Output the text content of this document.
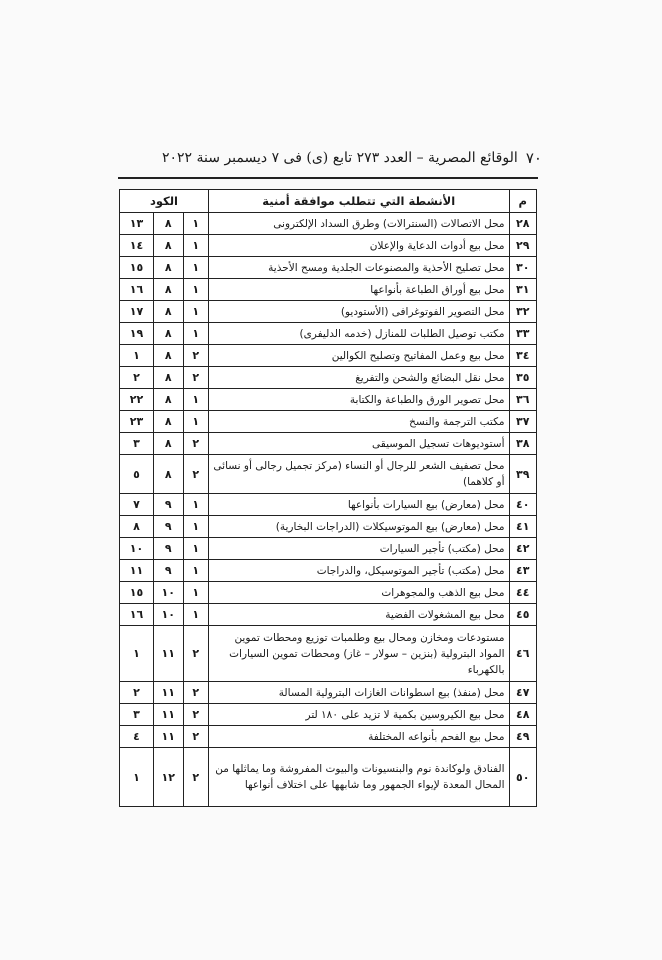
٧٠
الوقائع المصرية – العدد ٢٧٣ تابع (ى) فى ٧ ديسمبر سنة ٢٠٢٢
م	الأنشطة التي تتطلب موافقة أمنية	الكود		
٢٨	محل الاتصالات (السنترالات) وطرق السداد الإلكترونى	١	٨	١٣
٢٩	محل بيع أدوات الدعاية والإعلان	١	٨	١٤
٣٠	محل تصليح الأحذية والمصنوعات الجلدية ومسح الأحذية	١	٨	١٥
٣١	محل بيع أوراق الطباعة بأنواعها	١	٨	١٦
٣٢	محل التصوير الفوتوغرافى (الأستوديو)	١	٨	١٧
٣٣	مكتب توصيل الطلبات للمنازل (خدمه الدليفرى)	١	٨	١٩
٣٤	محل بيع وعمل المفاتيح وتصليح الكوالين	٢	٨	١
٣٥	محل نقل البضائع والشحن والتفريغ	٢	٨	٢
٣٦	محل تصوير الورق والطباعة والكتابة	١	٨	٢٢
٣٧	مكتب الترجمة والنسخ	١	٨	٢٣
٣٨	أستوديوهات تسجيل الموسيقى	٢	٨	٣
٣٩	محل تصفيف الشعر للرجال أو النساء (مركز تجميل رجالى أو نسائى أو كلاهما)	٢	٨	٥
٤٠	محل (معارض) بيع السيارات بأنواعها	١	٩	٧
٤١	محل (معارض) بيع الموتوسيكلات (الدراجات البخارية)	١	٩	٨
٤٢	محل (مكتب) تأجير السيارات	١	٩	١٠
٤٣	محل (مكتب) تأجير الموتوسيكل، والدراجات	١	٩	١١
٤٤	محل بيع الذهب والمجوهرات	١	١٠	١٥
٤٥	محل بيع المشغولات الفضية	١	١٠	١٦
٤٦	مستودعات ومخازن ومحال بيع وطلمبات توزيع ومحطات تموين المواد البترولية (بنزين – سولار – غاز) ومحطات تموين السيارات بالكهرباء	٢	١١	١
٤٧	محل (منفذ) بيع اسطوانات الغازات البترولية المسالة	٢	١١	٢
٤٨	محل بيع الكيروسين بكمية لا تزيد على ١٨٠ لتر	٢	١١	٣
٤٩	محل بيع الفحم بأنواعه المختلفة	٢	١١	٤
٥٠	الفنادق ولوكاندة نوم والبنسيونات والبيوت المفروشة وما يماثلها من المحال المعدة لإيواء الجمهور وما شابهها على اختلاف أنواعها	٢	١٢	١
